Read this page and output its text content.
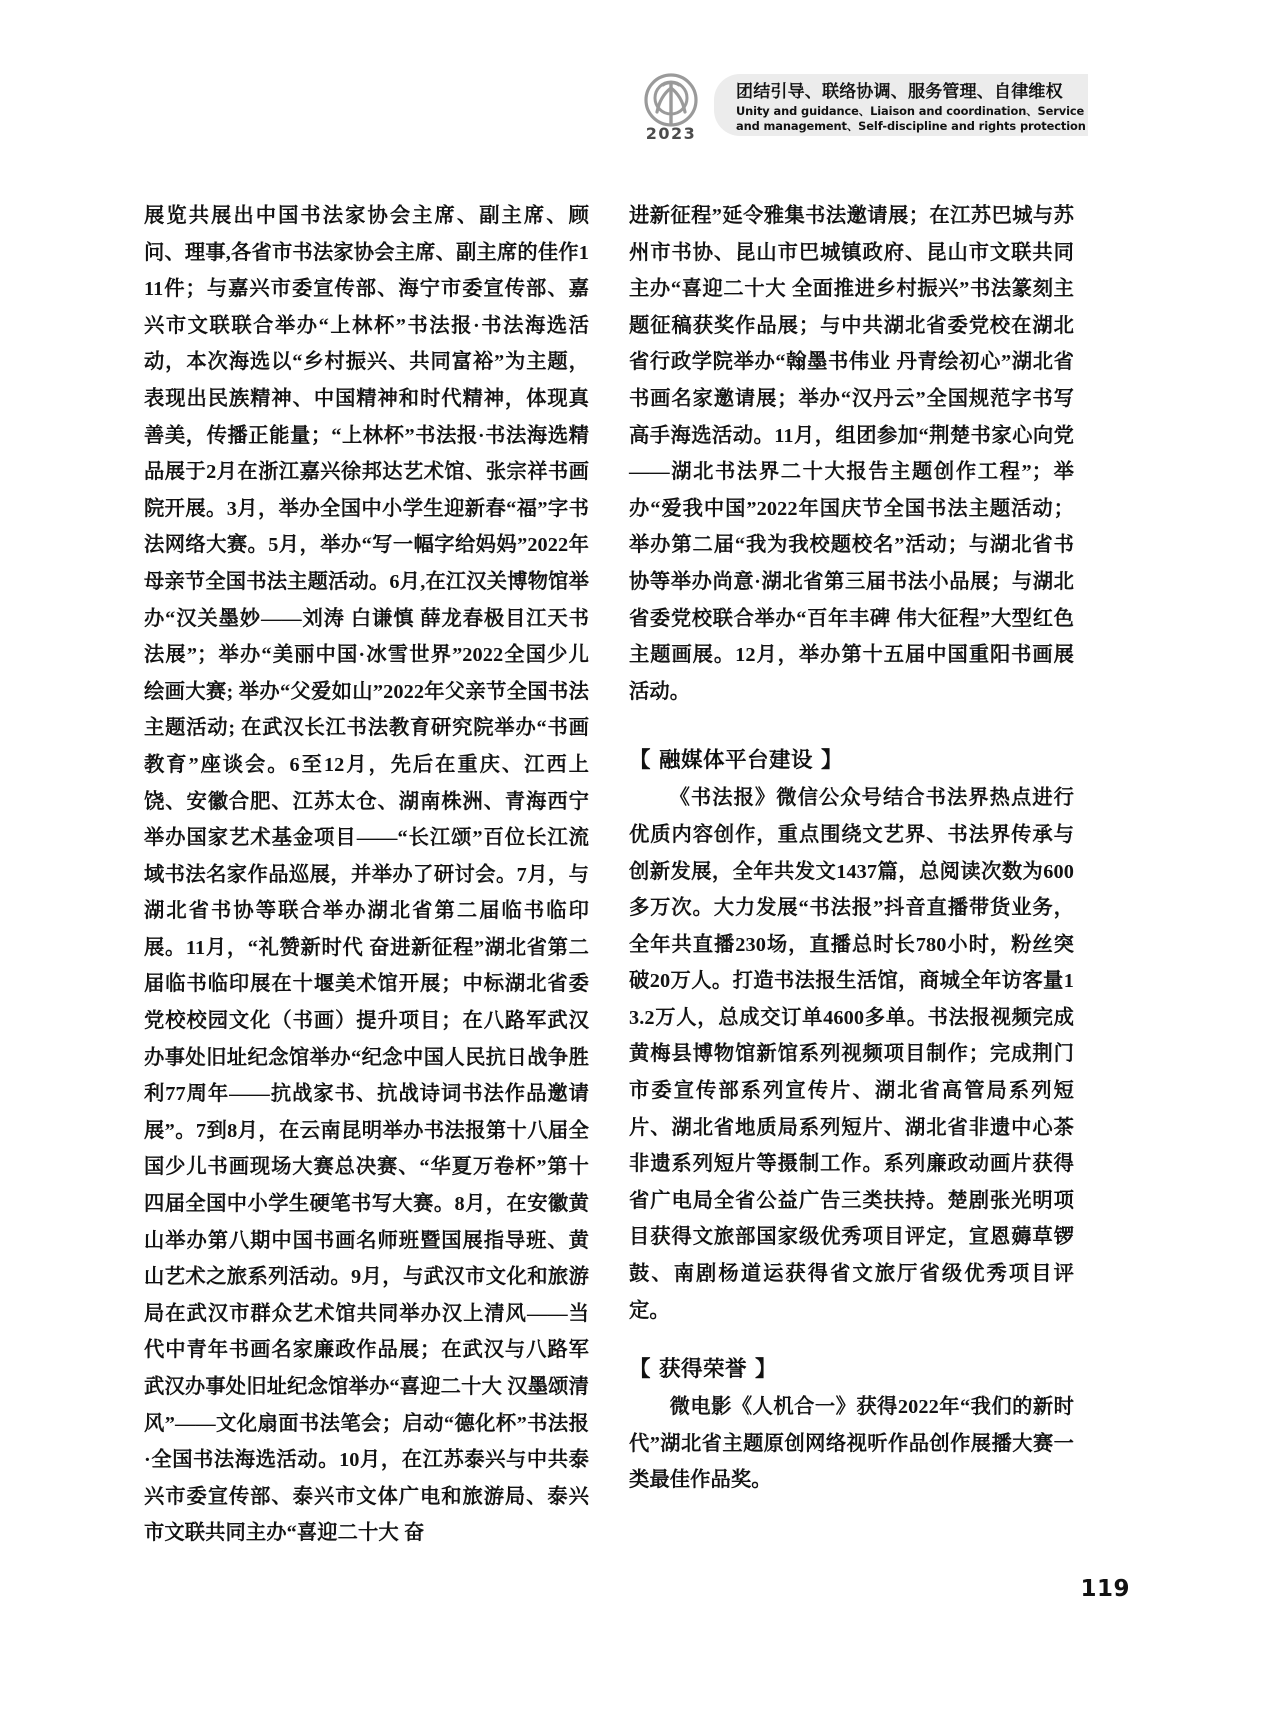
2023
团结引导、联络协调、服务管理、自律维权
Unity and guidance、Liaison and coordination、Service
and management、Self-discipline and rights protection

展览共展出中国书法家协会主席、副主席、顾问、理事,各省市书法家协会主席、副主席的佳作111件；与嘉兴市委宣传部、海宁市委宣传部、嘉兴市文联联合举办“上林杯”书法报·书法海选活动，本次海选以“乡村振兴、共同富裕”为主题，表现出民族精神、中国精神和时代精神，体现真善美，传播正能量；“上林杯”书法报·书法海选精品展于2月在浙江嘉兴徐邦达艺术馆、张宗祥书画院开展。3月，举办全国中小学生迎新春“福”字书法网络大赛。5月，举办“写一幅字给妈妈”2022年母亲节全国书法主题活动。6月,在江汉关博物馆举办“汉关墨妙——刘涛 白谦慎 薛龙春极目江天书法展”；举办“美丽中国·冰雪世界”2022全国少儿绘画大赛; 举办“父爱如山”2022年父亲节全国书法主题活动; 在武汉长江书法教育研究院举办“书画教育”座谈会。6至12月，先后在重庆、江西上饶、安徽合肥、江苏太仓、湖南株洲、青海西宁举办国家艺术基金项目——“长江颂”百位长江流域书法名家作品巡展，并举办了研讨会。7月，与湖北省书协等联合举办湖北省第二届临书临印展。11月，“礼赞新时代 奋进新征程”湖北省第二届临书临印展在十堰美术馆开展；中标湖北省委党校校园文化（书画）提升项目；在八路军武汉办事处旧址纪念馆举办“纪念中国人民抗日战争胜利77周年——抗战家书、抗战诗词书法作品邀请展”。7到8月，在云南昆明举办书法报第十八届全国少儿书画现场大赛总决赛、“华夏万卷杯”第十四届全国中小学生硬笔书写大赛。8月，在安徽黄山举办第八期中国书画名师班暨国展指导班、黄山艺术之旅系列活动。9月，与武汉市文化和旅游局在武汉市群众艺术馆共同举办汉上清风——当代中青年书画名家廉政作品展；在武汉与八路军武汉办事处旧址纪念馆举办“喜迎二十大 汉墨颂清风”——文化扇面书法笔会；启动“德化杯”书法报·全国书法海选活动。10月，在江苏泰兴与中共泰兴市委宣传部、泰兴市文体广电和旅游局、泰兴市文联共同主办“喜迎二十大 奋

进新征程”延令雅集书法邀请展；在江苏巴城与苏州市书协、昆山市巴城镇政府、昆山市文联共同主办“喜迎二十大 全面推进乡村振兴”书法篆刻主题征稿获奖作品展；与中共湖北省委党校在湖北省行政学院举办“翰墨书伟业 丹青绘初心”湖北省书画名家邀请展；举办“汉丹云”全国规范字书写高手海选活动。11月，组团参加“荆楚书家心向党——湖北书法界二十大报告主题创作工程”；举办“爱我中国”2022年国庆节全国书法主题活动；举办第二届“我为我校题校名”活动；与湖北省书协等举办尚意·湖北省第三届书法小品展；与湖北省委党校联合举办“百年丰碑 伟大征程”大型红色主题画展。12月，举办第十五届中国重阳书画展活动。

【 融媒体平台建设 】

《书法报》微信公众号结合书法界热点进行优质内容创作，重点围绕文艺界、书法界传承与创新发展，全年共发文1437篇，总阅读次数为600多万次。大力发展“书法报”抖音直播带货业务，全年共直播230场，直播总时长780小时，粉丝突破20万人。打造书法报生活馆，商城全年访客量13.2万人，总成交订单4600多单。书法报视频完成黄梅县博物馆新馆系列视频项目制作；完成荆门市委宣传部系列宣传片、湖北省高管局系列短片、湖北省地质局系列短片、湖北省非遗中心茶非遗系列短片等摄制工作。系列廉政动画片获得省广电局全省公益广告三类扶持。楚剧张光明项目获得文旅部国家级优秀项目评定，宣恩薅草锣鼓、南剧杨道运获得省文旅厅省级优秀项目评定。

【 获得荣誉 】

微电影《人机合一》获得2022年“我们的新时代”湖北省主题原创网络视听作品创作展播大赛一类最佳作品奖。

119
